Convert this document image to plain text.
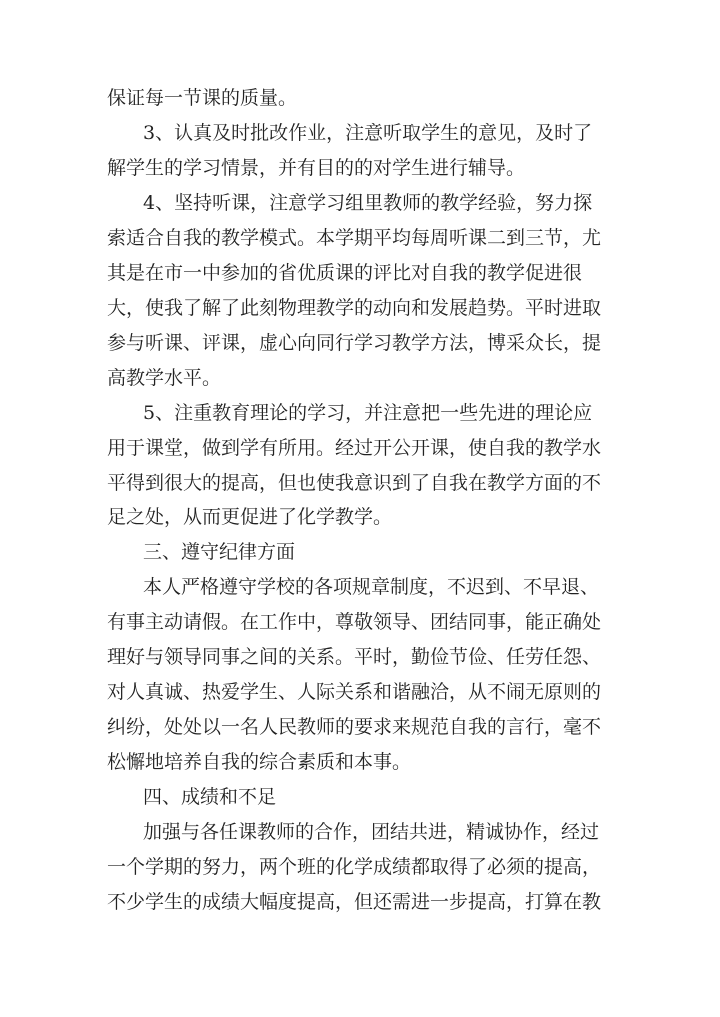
保证每一节课的质量。
3、认真及时批改作业，注意听取学生的意见，及时了
解学生的学习情景，并有目的的对学生进行辅导。
4、坚持听课，注意学习组里教师的教学经验，努力探
索适合自我的教学模式。本学期平均每周听课二到三节，尤
其是在市一中参加的省优质课的评比对自我的教学促进很
大，使我了解了此刻物理教学的动向和发展趋势。平时进取
参与听课、评课，虚心向同行学习教学方法，博采众长，提
高教学水平。
5、注重教育理论的学习，并注意把一些先进的理论应
用于课堂，做到学有所用。经过开公开课，使自我的教学水
平得到很大的提高，但也使我意识到了自我在教学方面的不
足之处，从而更促进了化学教学。
三、遵守纪律方面
本人严格遵守学校的各项规章制度，不迟到、不早退、
有事主动请假。在工作中，尊敬领导、团结同事，能正确处
理好与领导同事之间的关系。平时，勤俭节俭、任劳任怨、
对人真诚、热爱学生、人际关系和谐融洽，从不闹无原则的
纠纷，处处以一名人民教师的要求来规范自我的言行，毫不
松懈地培养自我的综合素质和本事。
四、成绩和不足
加强与各任课教师的合作，团结共进，精诚协作，经过
一个学期的努力，两个班的化学成绩都取得了必须的提高，
不少学生的成绩大幅度提高，但还需进一步提高，打算在教
